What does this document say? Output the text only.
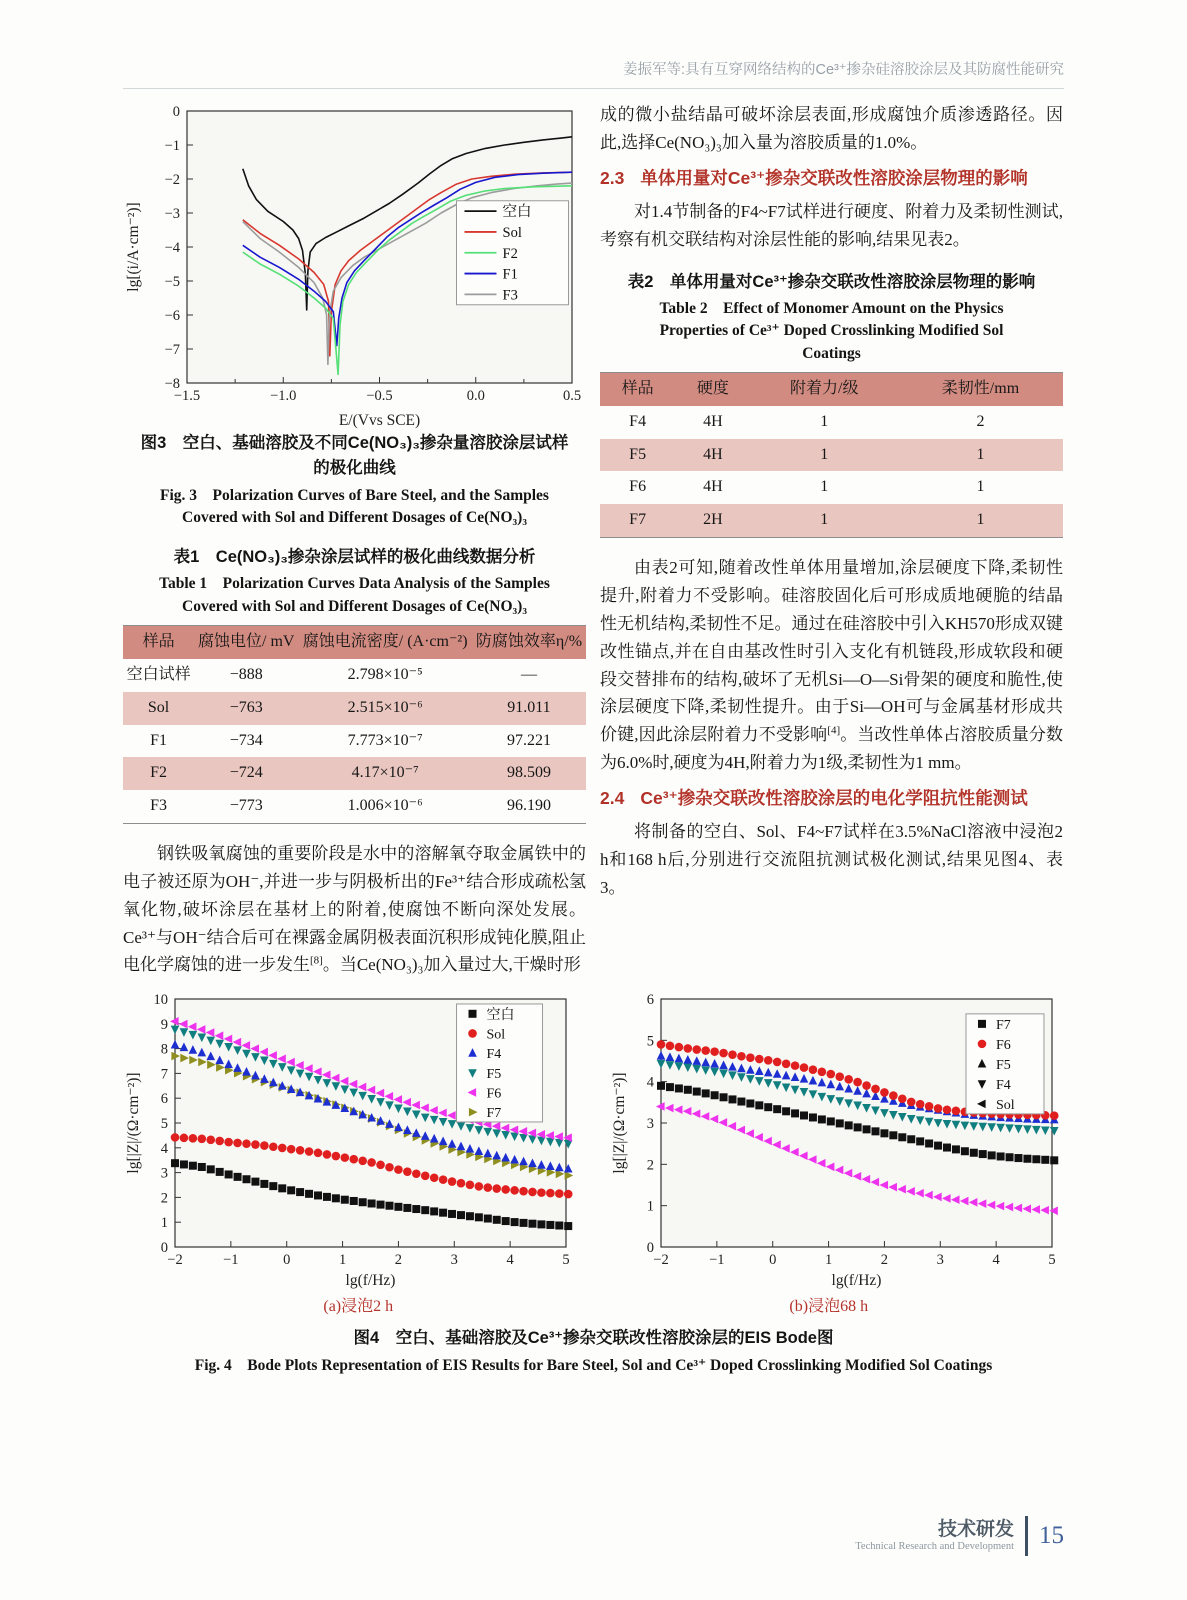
姜振军等:具有互穿网络结构的Ce³⁺掺杂硅溶胶涂层及其防腐性能研究
−1.5	−1.0	−0.5	0.0	0.5
0
−1
−2
−3
−4
−5
−6
−7
−8
E/(Vvs SCE)
lg[(i/A·cm⁻²)]	空白
Sol
F2
F1
F3
图3　空白、基础溶胶及不同Ce(NO₃)₃掺杂量溶胶涂层试样
的极化曲线
Fig. 3　Polarization Curves of Bare Steel, and the Samples
Covered with Sol and Different Dosages of Ce(NO₃)₃
表1　Ce(NO₃)₃掺杂涂层试样的极化曲线数据分析
Table 1　Polarization Curves Data Analysis of the Samples
Covered with Sol and Different Dosages of Ce(NO₃)₃
样品	腐蚀电位/ mV	腐蚀电流密度/ (A·cm⁻²)	防腐蚀效率η/%
空白试样	−888	2.798×10⁻⁵	—
Sol	−763	2.515×10⁻⁶	91.011
F1	−734	7.773×10⁻⁷	97.221
F2	−724	4.17×10⁻⁷	98.509
F3	−773	1.006×10⁻⁶	96.190

钢铁吸氧腐蚀的重要阶段是水中的溶解氧夺取金属铁中的电子被还原为OH⁻,并进一步与阴极析出的Fe³⁺结合形成疏松氢氧化物,破坏涂层在基材上的附着,使腐蚀不断向深处发展。Ce³⁺与OH⁻结合后可在裸露金属阴极表面沉积形成钝化膜,阻止电化学腐蚀的进一步发生[8]。当Ce(NO₃)₃加入量过大,干燥时形

成的微小盐结晶可破坏涂层表面,形成腐蚀介质渗透路径。因此,选择Ce(NO₃)₃加入量为溶胶质量的1.0%。

2.3 单体用量对Ce³⁺掺杂交联改性溶胶涂层物理的影响

对1.4节制备的F4~F7试样进行硬度、附着力及柔韧性测试,考察有机交联结构对涂层性能的影响,结果见表2。

表2　单体用量对Ce³⁺掺杂交联改性溶胶涂层物理的影响
Table 2　Effect of Monomer Amount on the Physics
Properties of Ce³⁺ Doped Crosslinking Modified Sol
Coatings
样品	硬度	附着力/级	柔韧性/mm
F4	4H	1	2
F5	4H	1	1
F6	4H	1	1
F7	2H	1	1

由表2可知,随着改性单体用量增加,涂层硬度下降,柔韧性提升,附着力不受影响。硅溶胶固化后可形成质地硬脆的结晶性无机结构,柔韧性不足。通过在硅溶胶中引入KH570形成双键改性锚点,并在自由基改性时引入支化有机链段,形成软段和硬段交替排布的结构,破坏了无机Si—O—Si骨架的硬度和脆性,使涂层硬度下降,柔韧性提升。由于Si—OH可与金属基材形成共价键,因此涂层附着力不受影响[4]。当改性单体占溶胶质量分数为6.0%时,硬度为4H,附着力为1级,柔韧性为1 mm。

2.4 Ce³⁺掺杂交联改性溶胶涂层的电化学阻抗性能测试

将制备的空白、Sol、F4~F7试样在3.5%NaCl溶液中浸泡2 h和168 h后,分别进行交流阻抗测试极化测试,结果见图4、表3。

−2	−1	0	1	2	3	4	5
0
1
2
3
4
5
6
7
8
9
10
lg(f/Hz)
lg[|Z|/(Ω·cm⁻²)]
空白
Sol
F4
F5
F6
F7
−2	−1	0	1	2	3	4	5
0
1
2
3
4
5
6
lg(f/Hz)
lg[|Z|/(Ω·cm⁻²)]
F7
F6
F5
F4
Sol
(a)浸泡2 h	(b)浸泡68 h
图4　空白、基础溶胶及Ce³⁺掺杂交联改性溶胶涂层的EIS Bode图
Fig. 4　Bode Plots Representation of EIS Results for Bare Steel, Sol and Ce³⁺ Doped Crosslinking Modified Sol Coatings
技术研发
Technical Research and Development 15
